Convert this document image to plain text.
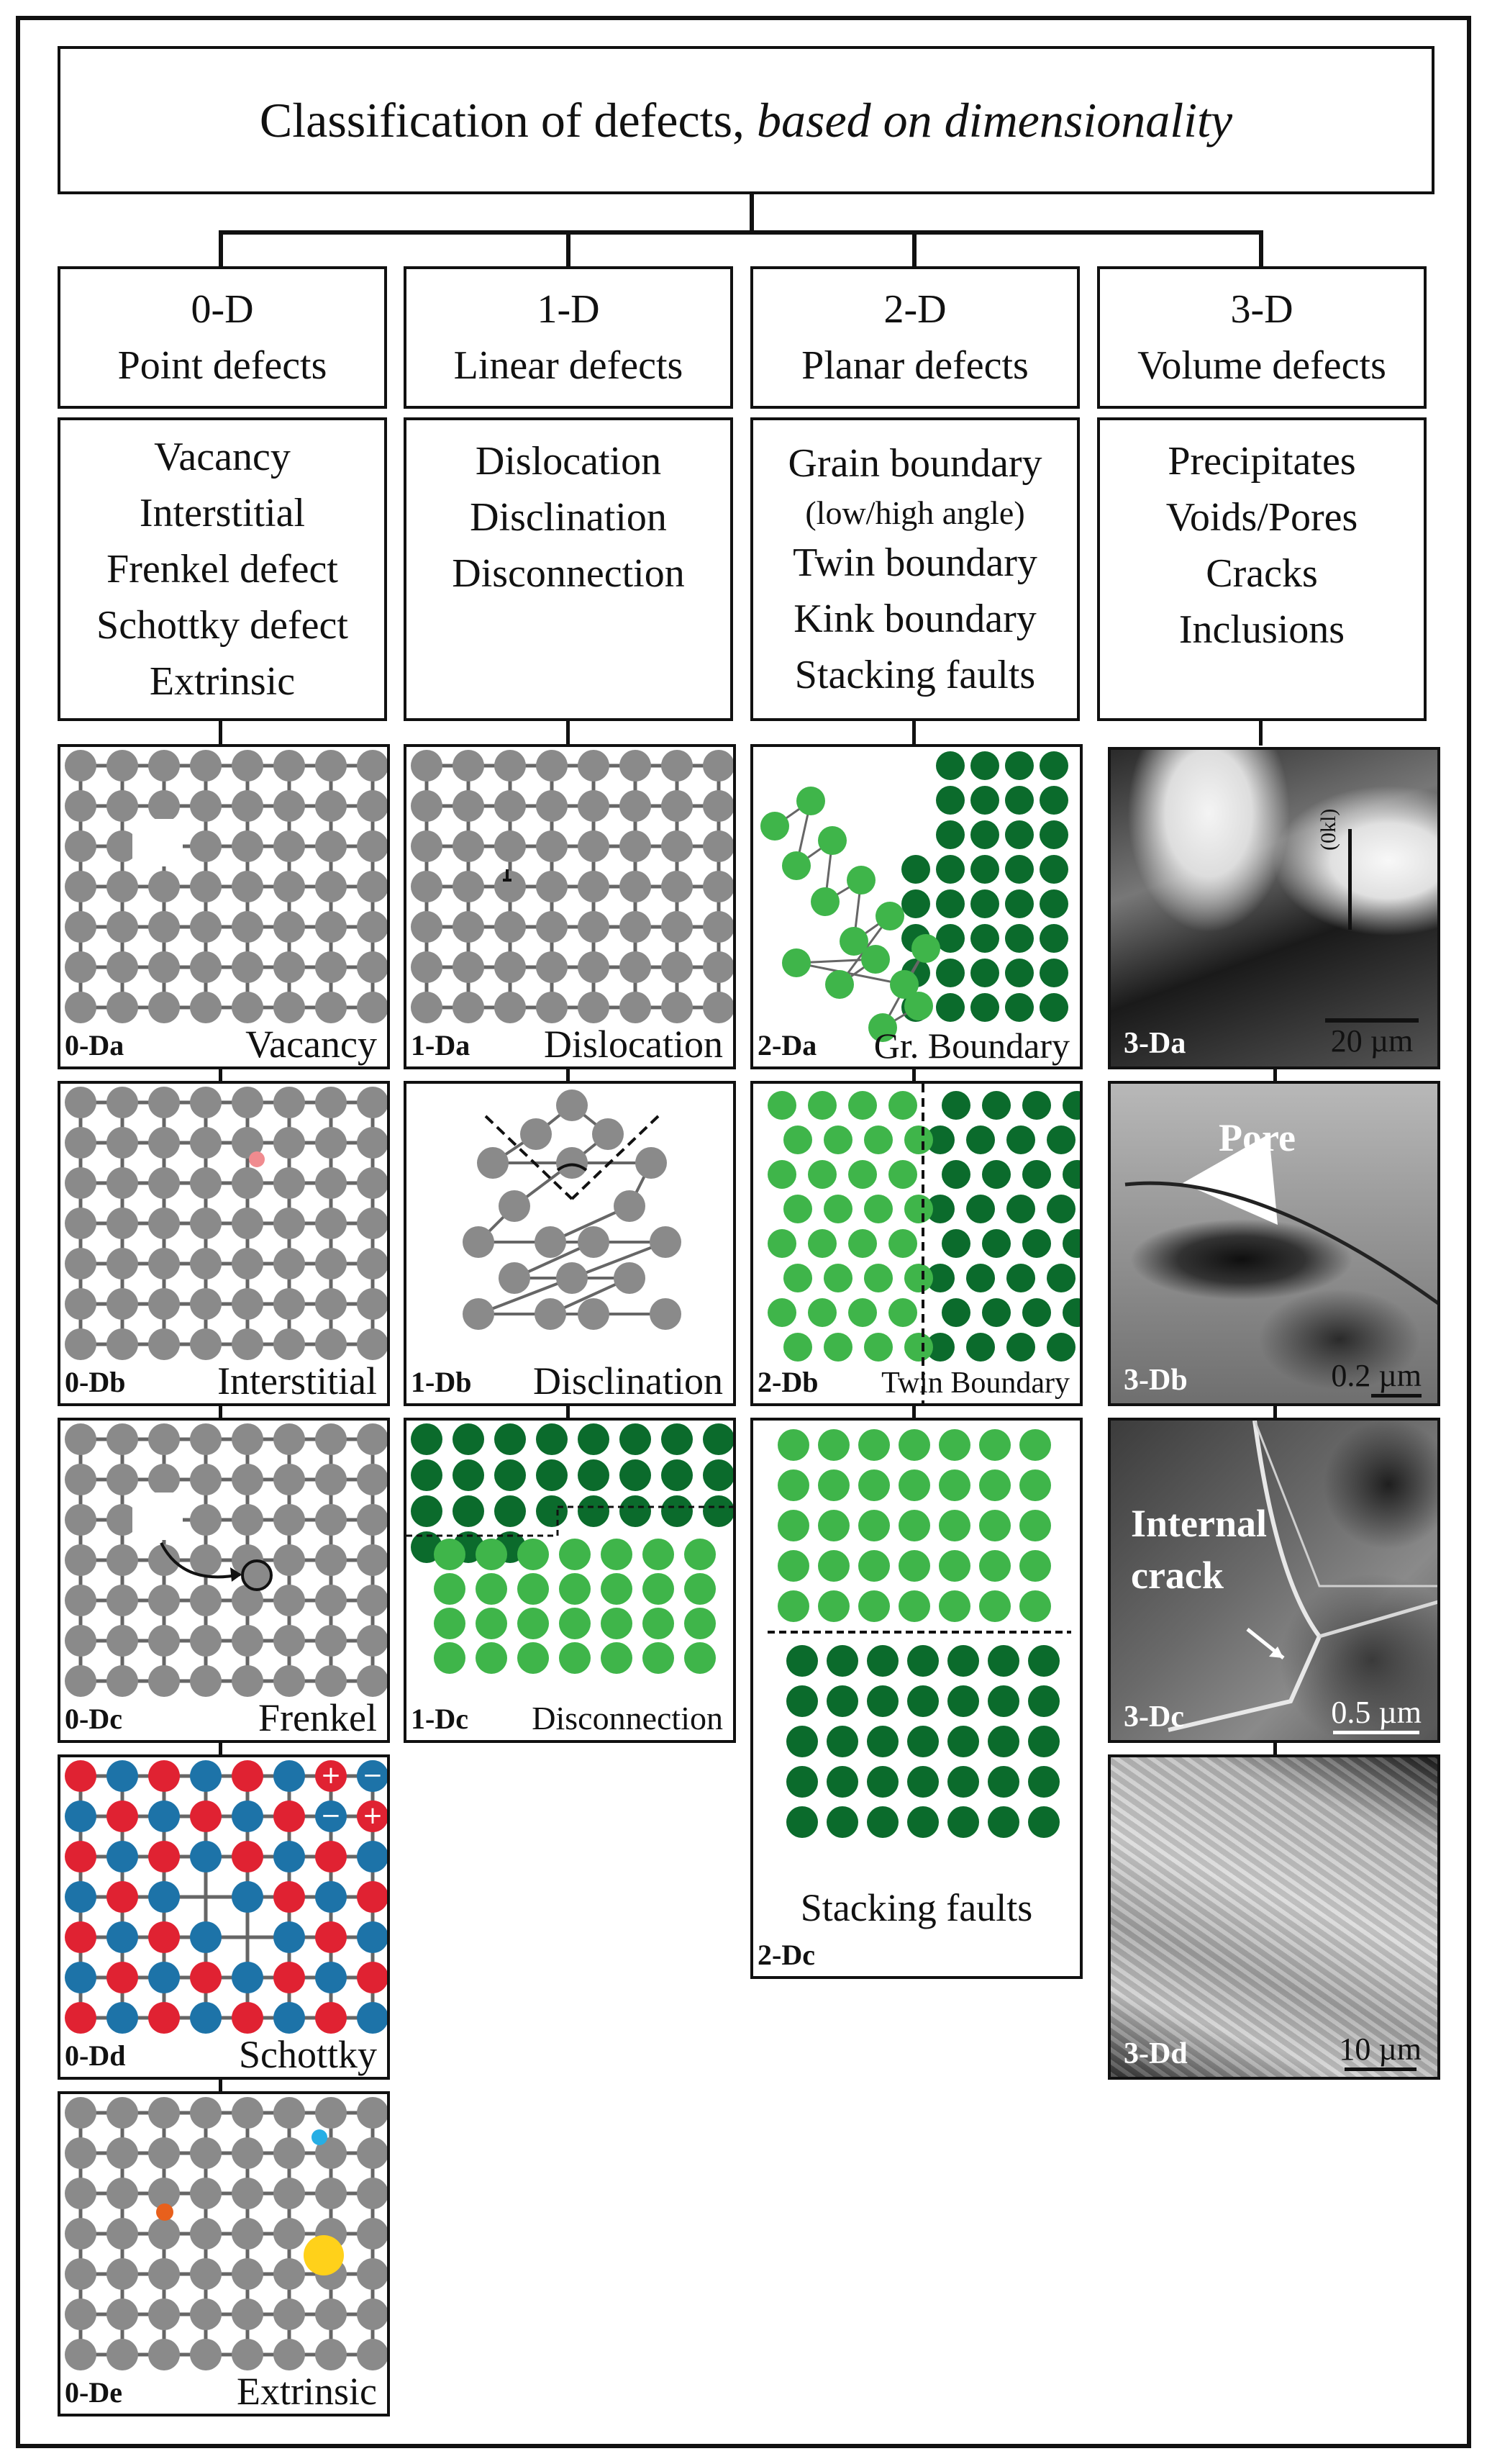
Classification of defects, based on dimensionality
0-D
Point defects
1-D
Linear defects
2-D
Planar defects
3-D
Volume defects
Vacancy
Interstitial
Frenkel defect
Schottky defect
Extrinsic
Dislocation
Disclination
Disconnection
Grain boundary
(low/high angle)
Twin boundary
Kink boundary
Stacking faults
Precipitates
Voids/Pores
Cracks
Inclusions
0-Da	Vacancy
0-Db Interstitial
0-Dc	Frenkel
+ −
− +
0-Dd	Schottky
0-De	Extrinsic
1-Da Dislocation
1-Db Disclination
1-Dc Disconnection
2-Da Gr. Boundary
2-Db Twin Boundary
Stacking faults
2-Dc
(0kl)
3-Da	20 µm
Pore
3-Db	0.2 µm
Internal
crack
3-Dc	0.5 µm
3-Dd	10 µm
